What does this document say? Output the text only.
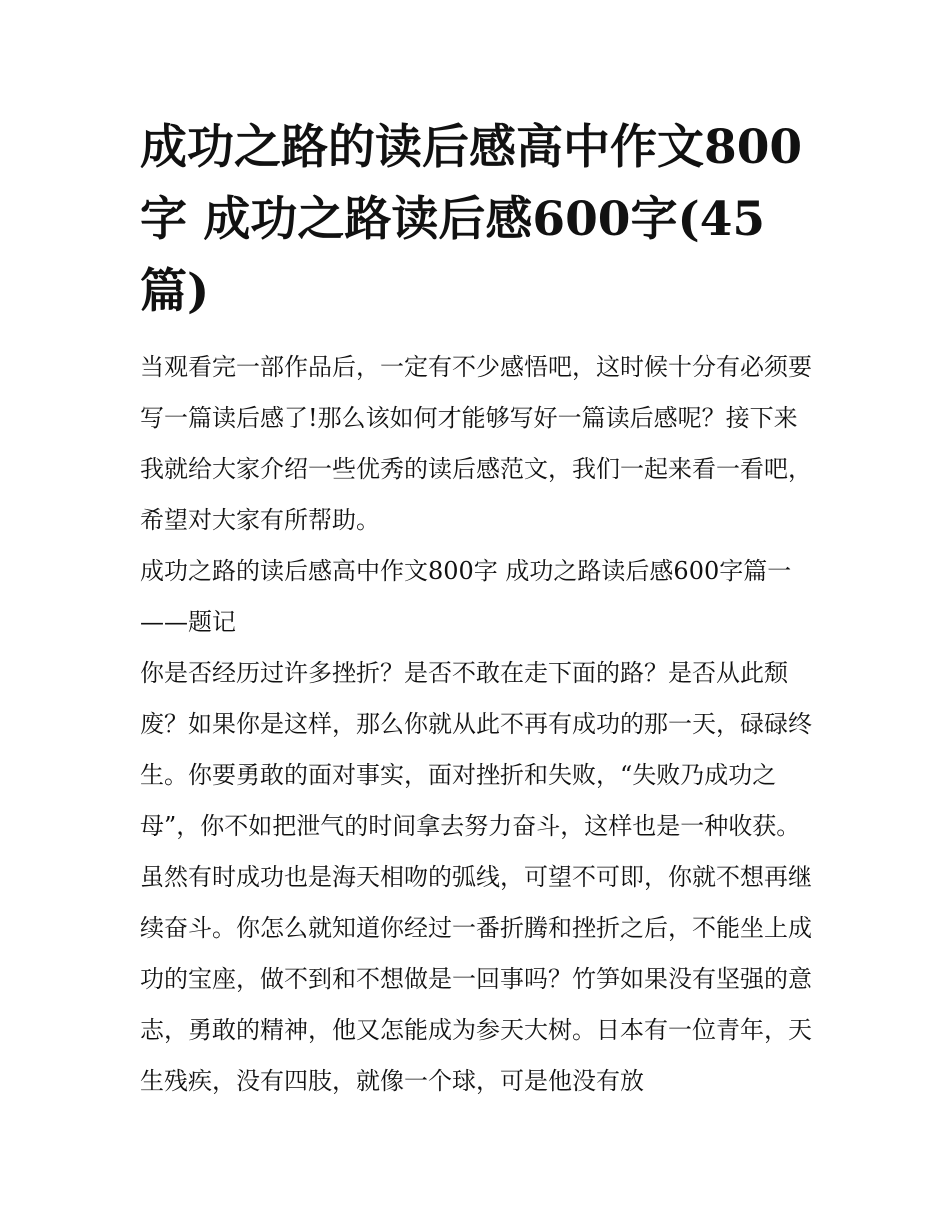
成功之路的读后感高中作文800字 成功之路读后感600字(45篇)

当观看完一部作品后，一定有不少感悟吧，这时候十分有必须要写一篇读后感了!那么该如何才能够写好一篇读后感呢？接下来我就给大家介绍一些优秀的读后感范文，我们一起来看一看吧，希望对大家有所帮助。

成功之路的读后感高中作文800字 成功之路读后感600字篇一 ——题记

你是否经历过许多挫折？是否不敢在走下面的路？是否从此颓废？如果你是这样，那么你就从此不再有成功的那一天，碌碌终生。你要勇敢的面对事实，面对挫折和失败，“失败乃成功之母”，你不如把泄气的时间拿去努力奋斗，这样也是一种收获。虽然有时成功也是海天相吻的弧线，可望不可即，你就不想再继续奋斗。你怎么就知道你经过一番折腾和挫折之后，不能坐上成功的宝座，做不到和不想做是一回事吗？竹笋如果没有坚强的意志，勇敢的精神，他又怎能成为参天大树。日本有一位青年，天生残疾，没有四肢，就像一个球，可是他没有放
